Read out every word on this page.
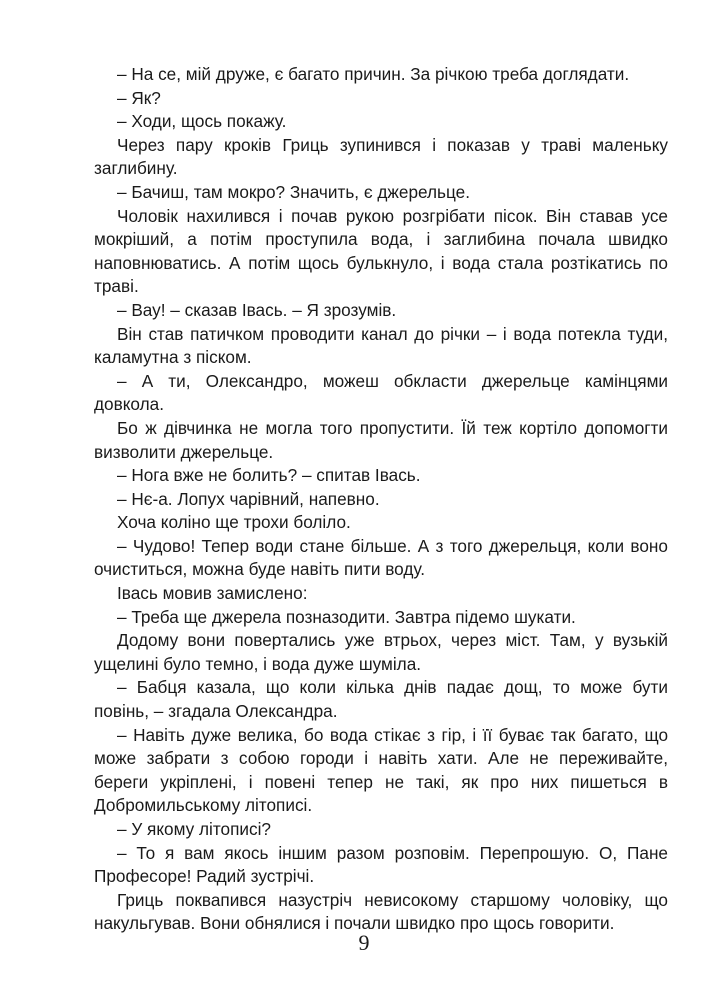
– На се, мій друже, є багато причин. За річкою треба доглядати.

– Як?

– Ходи, щось покажу.

Через пару кроків Гриць зупинився і показав у траві маленьку заглибину.

– Бачиш, там мокро? Значить, є джерельце.

Чоловік нахилився і почав рукою розгрібати пісок. Він ставав усе мокріший, а потім проступила вода, і заглибина почала швидко наповнюватись. А потім щось булькнуло, і вода стала розтікатись по траві.

– Вау! – сказав Івась. – Я зрозумів.

Він став патичком проводити канал до річки – і вода потекла туди, каламутна з піском.

– А ти, Олександро, можеш обкласти джерельце камінцями довкола.

Бо ж дівчинка не могла того пропустити. Їй теж кортіло допомогти визволити джерельце.

– Нога вже не болить? – спитав Івась.

– Нє-а. Лопух чарівний, напевно.

Хоча коліно ще трохи боліло.

– Чудово! Тепер води стане більше. А з того джерельця, коли воно очиститься, можна буде навіть пити воду.

Івась мовив замислено:

– Треба ще джерела позназодити. Завтра підемо шукати.

Додому вони повертались уже втрьох, через міст. Там, у вузькій ущелині було темно, і вода дуже шуміла.

– Бабця казала, що коли кілька днів падає дощ, то може бути повінь, – згадала Олександра.

– Навіть дуже велика, бо вода стікає з гір, і її буває так багато, що може забрати з собою городи і навіть хати. Але не переживайте, береги укріплені, і повені тепер не такі, як про них пишеться в Добромильському літописі.

– У якому літописі?

– То я вам якось іншим разом розповім. Перепрошую. О, Пане Професоре! Радий зустрічі.

Гриць поквапився назустріч невисокому старшому чоловіку, що накульгував. Вони обнялися і почали швидко про щось говорити.

9
